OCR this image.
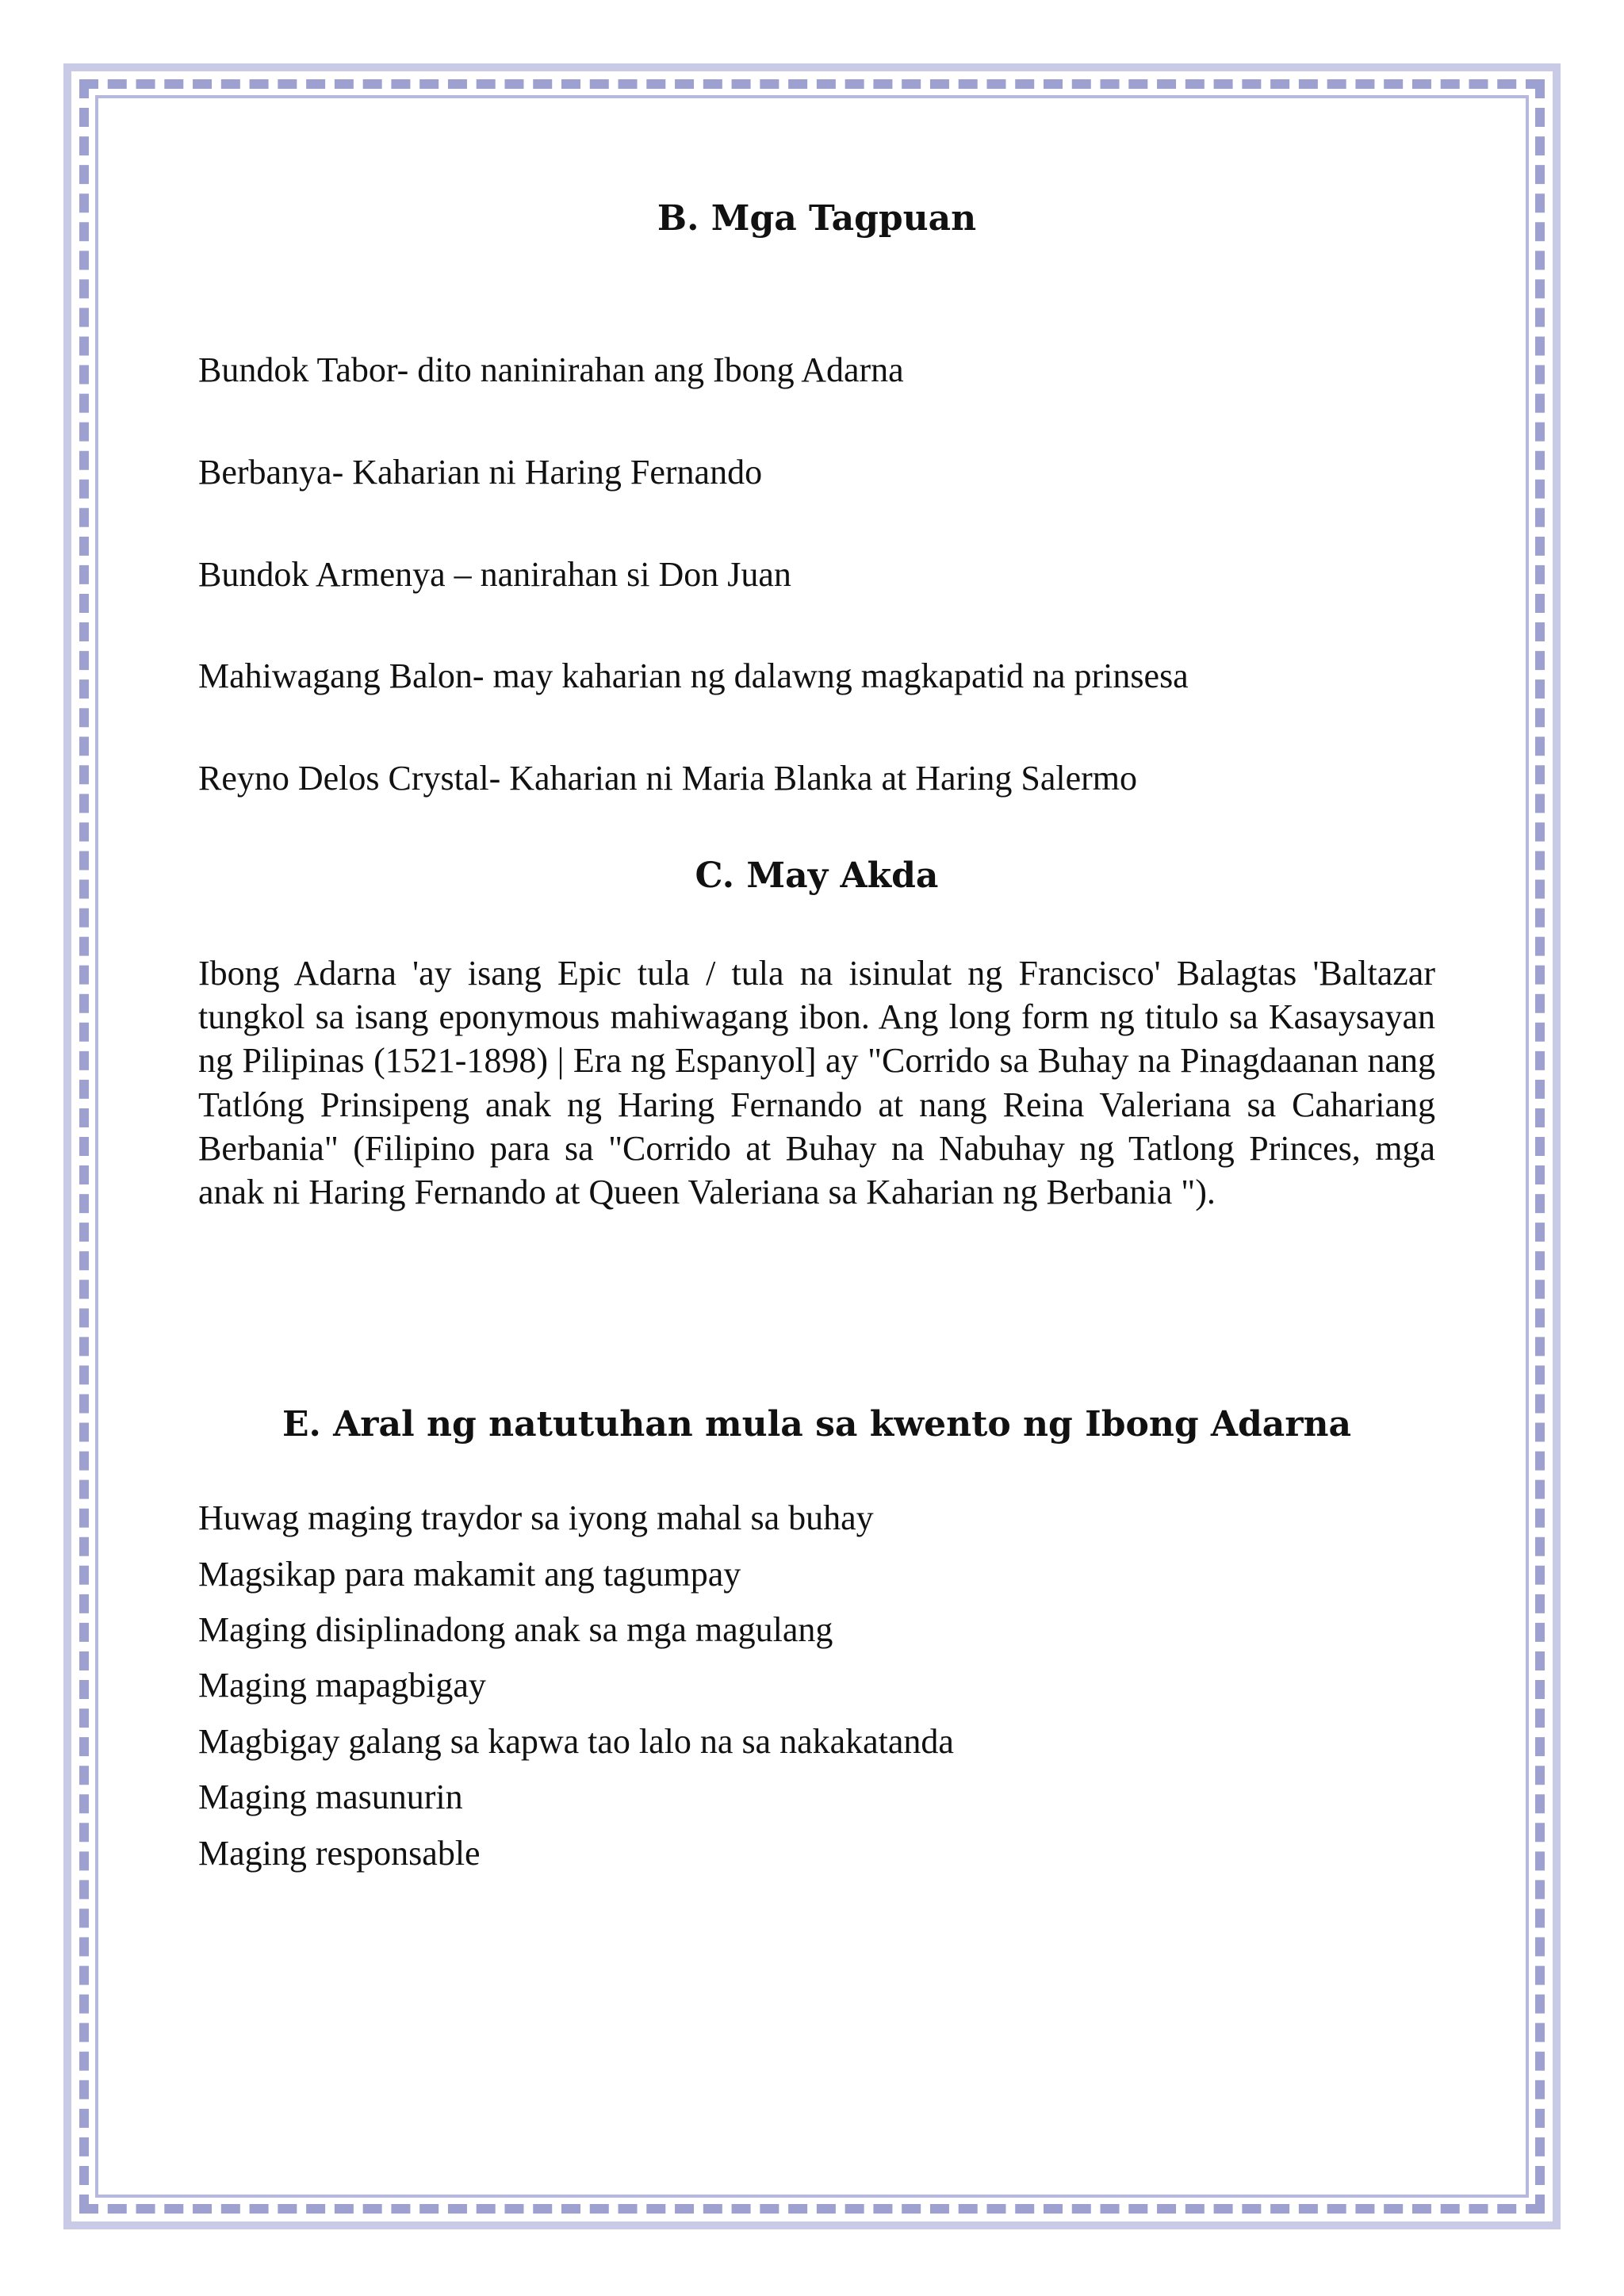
B. Mga Tagpuan

Bundok Tabor- dito naninirahan ang Ibong Adarna

Berbanya- Kaharian ni Haring Fernando

Bundok Armenya – nanirahan si Don Juan

Mahiwagang Balon- may kaharian ng dalawng magkapatid na prinsesa

Reyno Delos Crystal- Kaharian ni Maria Blanka at Haring Salermo

C. May Akda

Ibong Adarna 'ay isang Epic tula / tula na isinulat ng Francisco' Balagtas 'Baltazar tungkol sa isang eponymous mahiwagang ibon. Ang long form ng titulo sa Kasaysayan ng Pilipinas (1521-1898) | Era ng Espanyol] ay "Corrido sa Buhay na Pinagdaanan nang Tatlóng Prinsipeng anak ng Haring Fernando at nang Reina Valeriana sa Cahariang Berbania" (Filipino para sa "Corrido at Buhay na Nabuhay ng Tatlong Princes, mga anak ni Haring Fernando at Queen Valeriana sa Kaharian ng Berbania ").

E. Aral ng natutuhan mula sa kwento ng Ibong Adarna

Huwag maging traydor sa iyong mahal sa buhay

Magsikap para makamit ang tagumpay

Maging disiplinadong anak sa mga magulang

Maging mapagbigay

Magbigay galang sa kapwa tao lalo na sa nakakatanda

Maging masunurin

Maging responsable
